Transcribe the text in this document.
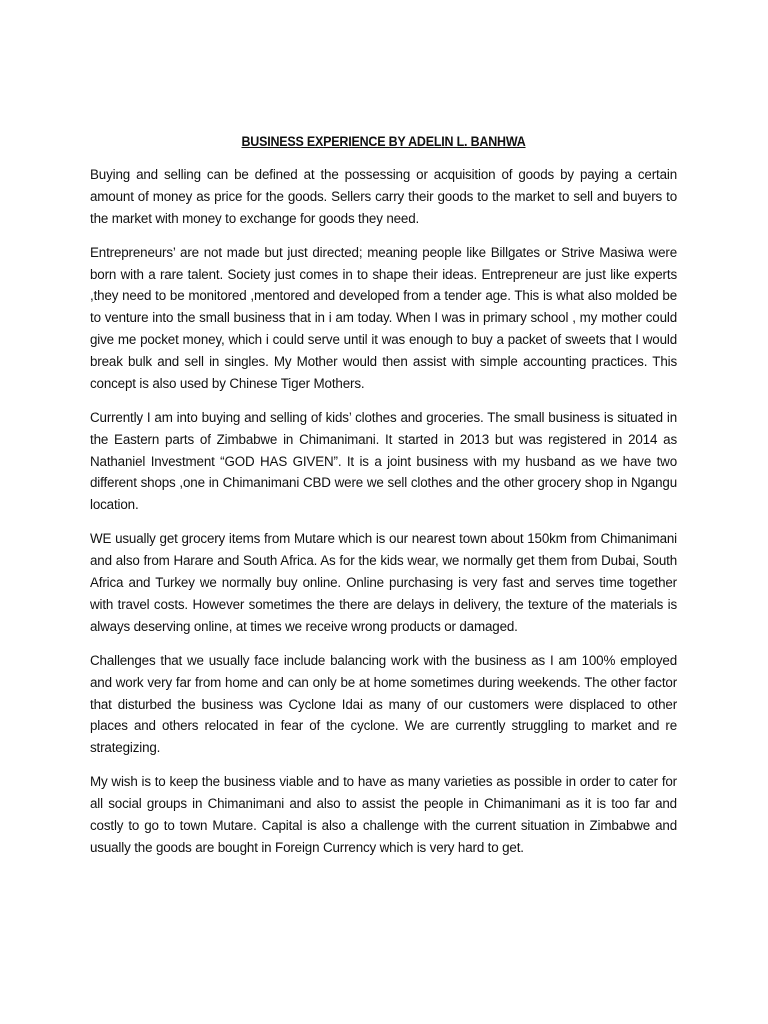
BUSINESS EXPERIENCE BY ADELIN L. BANHWA

Buying and selling can be defined at the possessing or acquisition of goods by paying a certain amount of money as price for the goods. Sellers carry their goods to the market to sell and buyers to the market with money to exchange for goods they need.

Entrepreneurs’ are not made but just directed; meaning people like Billgates or Strive Masiwa were born with a rare talent. Society just comes in to shape their ideas. Entrepreneur are just like experts ,they need to be monitored ,mentored and developed from a tender age. This is what also molded be to venture into the small business that in i am today. When I was in primary school , my mother could give me pocket money, which i could serve until it was enough to buy a packet of sweets that I would break bulk and sell in singles. My Mother would then assist with simple accounting practices. This concept is also used by Chinese Tiger Mothers.

Currently I am into buying and selling of kids’ clothes and groceries. The small business is situated in the Eastern parts of Zimbabwe in Chimanimani. It started in 2013 but was registered in 2014 as Nathaniel Investment “GOD HAS GIVEN”. It is a joint business with my husband as we have two different shops ,one in Chimanimani CBD were we sell clothes and the other grocery shop in Ngangu location.

WE usually get grocery items from Mutare which is our nearest town about 150km from Chimanimani and also from Harare and South Africa. As for the kids wear, we normally get them from Dubai, South Africa and Turkey we normally buy online. Online purchasing is very fast and serves time together with travel costs. However sometimes the there are delays in delivery, the texture of the materials is always deserving online, at times we receive wrong products or damaged.

Challenges that we usually face include balancing work with the business as I am 100% employed and work very far from home and can only be at home sometimes during weekends. The other factor that disturbed the business was Cyclone Idai as many of our customers were displaced to other places and others relocated in fear of the cyclone. We are currently struggling to market and re strategizing.

My wish is to keep the business viable and to have as many varieties as possible in order to cater for all social groups in Chimanimani and also to assist the people in Chimanimani as it is too far and costly to go to town Mutare. Capital is also a challenge with the current situation in Zimbabwe and usually the goods are bought in Foreign Currency which is very hard to get.
